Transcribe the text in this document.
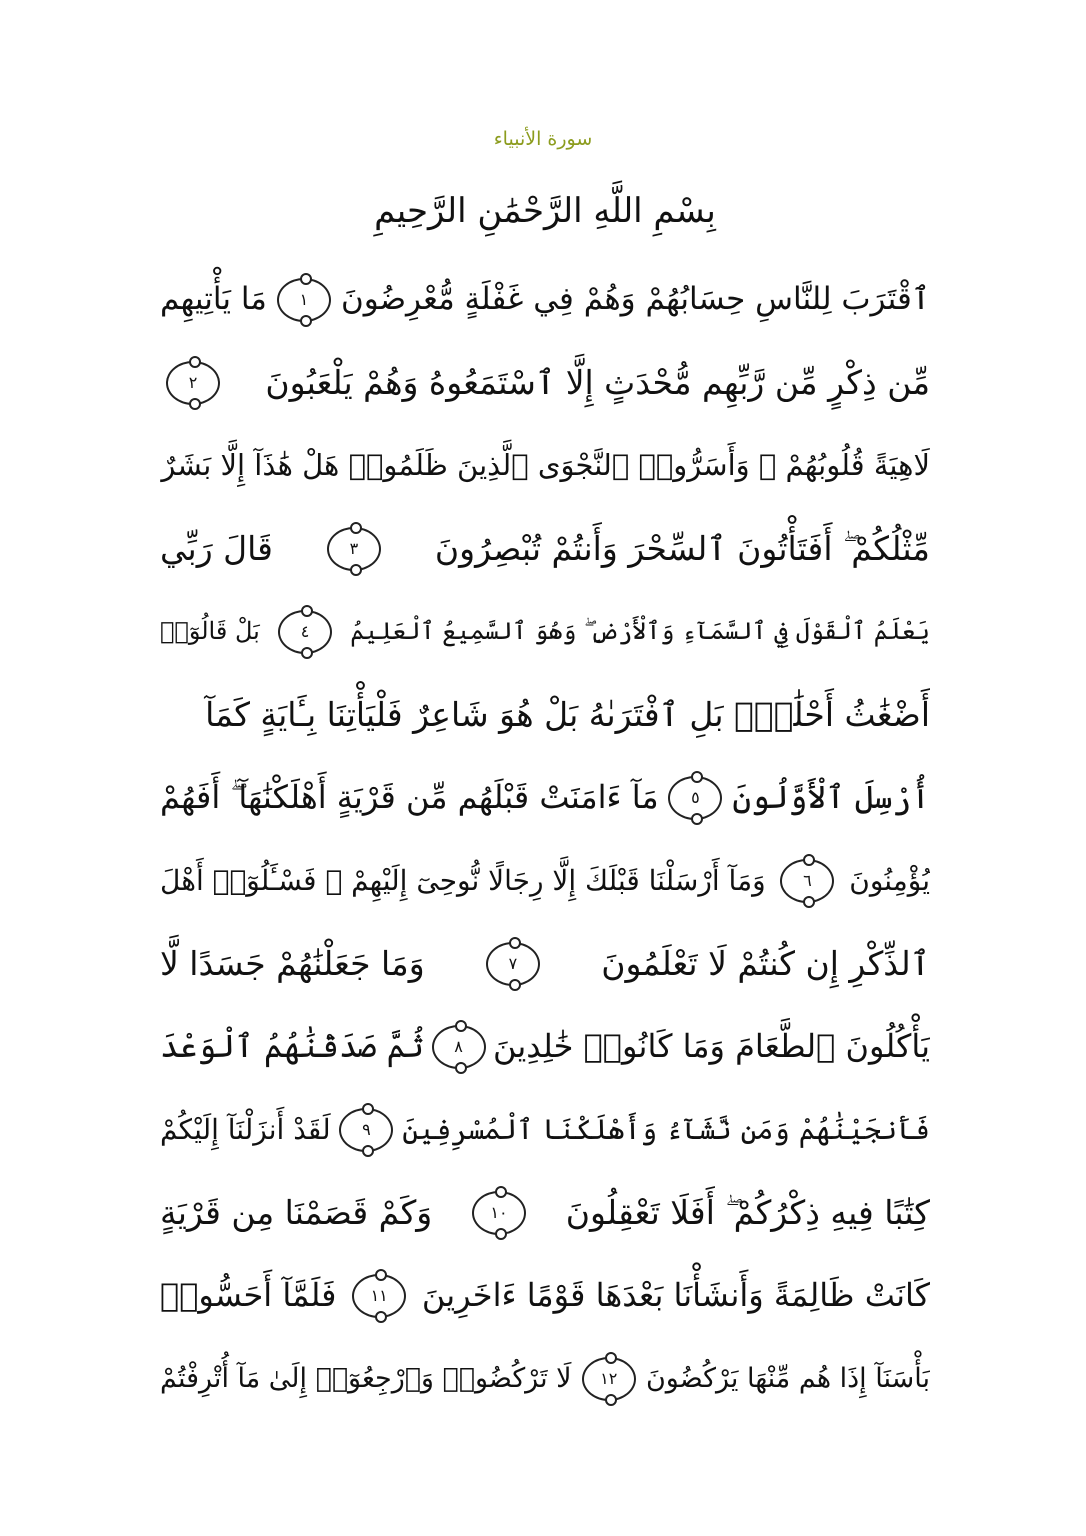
سورة الأنبياء
بِسْمِ اللَّهِ الرَّحْمَٰنِ الرَّحِيمِ
ٱقْتَرَبَ لِلنَّاسِ حِسَابُهُمْ وَهُمْ فِي غَفْلَةٍ مُّعْرِضُونَ
١
مَا يَأْتِيهِم
مِّن ذِكْرٍ مِّن رَّبِّهِم مُّحْدَثٍ إِلَّا ٱسْتَمَعُوهُ وَهُمْ يَلْعَبُونَ
٢
لَاهِيَةً قُلُوبُهُمْ ۗ وَأَسَرُّوا۟ ٱلنَّجْوَى ٱلَّذِينَ ظَلَمُوا۟ هَلْ هَٰذَآ إِلَّا بَشَرٌ
مِّثْلُكُمْ ۖ أَفَتَأْتُونَ ٱلسِّحْرَ وَأَنتُمْ تُبْصِرُونَ
٣
قَالَ رَبِّي
يَعْلَمُ ٱلْقَوْلَ فِي ٱلسَّمَآءِ وَٱلْأَرْضِ ۖ وَهُوَ ٱلسَّمِيعُ ٱلْعَلِيمُ
٤
بَلْ قَالُوٓا۟
أَضْغَٰثُ أَحْلَٰمٍۭ بَلِ ٱفْتَرَىٰهُ بَلْ هُوَ شَاعِرٌ فَلْيَأْتِنَا بِـَٔايَةٍ كَمَآ
أُرْسِلَ ٱلْأَوَّلُونَ
٥
مَآ ءَامَنَتْ قَبْلَهُم مِّن قَرْيَةٍ أَهْلَكْنَٰهَآ ۖ أَفَهُمْ
يُؤْمِنُونَ
٦
وَمَآ أَرْسَلْنَا قَبْلَكَ إِلَّا رِجَالًا نُّوحِىٓ إِلَيْهِمْ ۖ فَسْـَٔلُوٓا۟ أَهْلَ
ٱلذِّكْرِ إِن كُنتُمْ لَا تَعْلَمُونَ
٧
وَمَا جَعَلْنَٰهُمْ جَسَدًا لَّا
يَأْكُلُونَ ٱلطَّعَامَ وَمَا كَانُوا۟ خَٰلِدِينَ
٨
ثُمَّ صَدَقْنَٰهُمُ ٱلْوَعْدَ
فَأَنجَيْنَٰهُمْ وَمَن نَّشَآءُ وَأَهْلَكْنَا ٱلْمُسْرِفِينَ
٩
لَقَدْ أَنزَلْنَآ إِلَيْكُمْ
كِتَٰبًا فِيهِ ذِكْرُكُمْ ۖ أَفَلَا تَعْقِلُونَ
١٠
وَكَمْ قَصَمْنَا مِن قَرْيَةٍ
كَانَتْ ظَالِمَةً وَأَنشَأْنَا بَعْدَهَا قَوْمًا ءَاخَرِينَ
١١
فَلَمَّآ أَحَسُّوا۟
بَأْسَنَآ إِذَا هُم مِّنْهَا يَرْكُضُونَ
١٢
لَا تَرْكُضُوا۟ وَٱرْجِعُوٓا۟ إِلَىٰ مَآ أُتْرِفْتُمْ
